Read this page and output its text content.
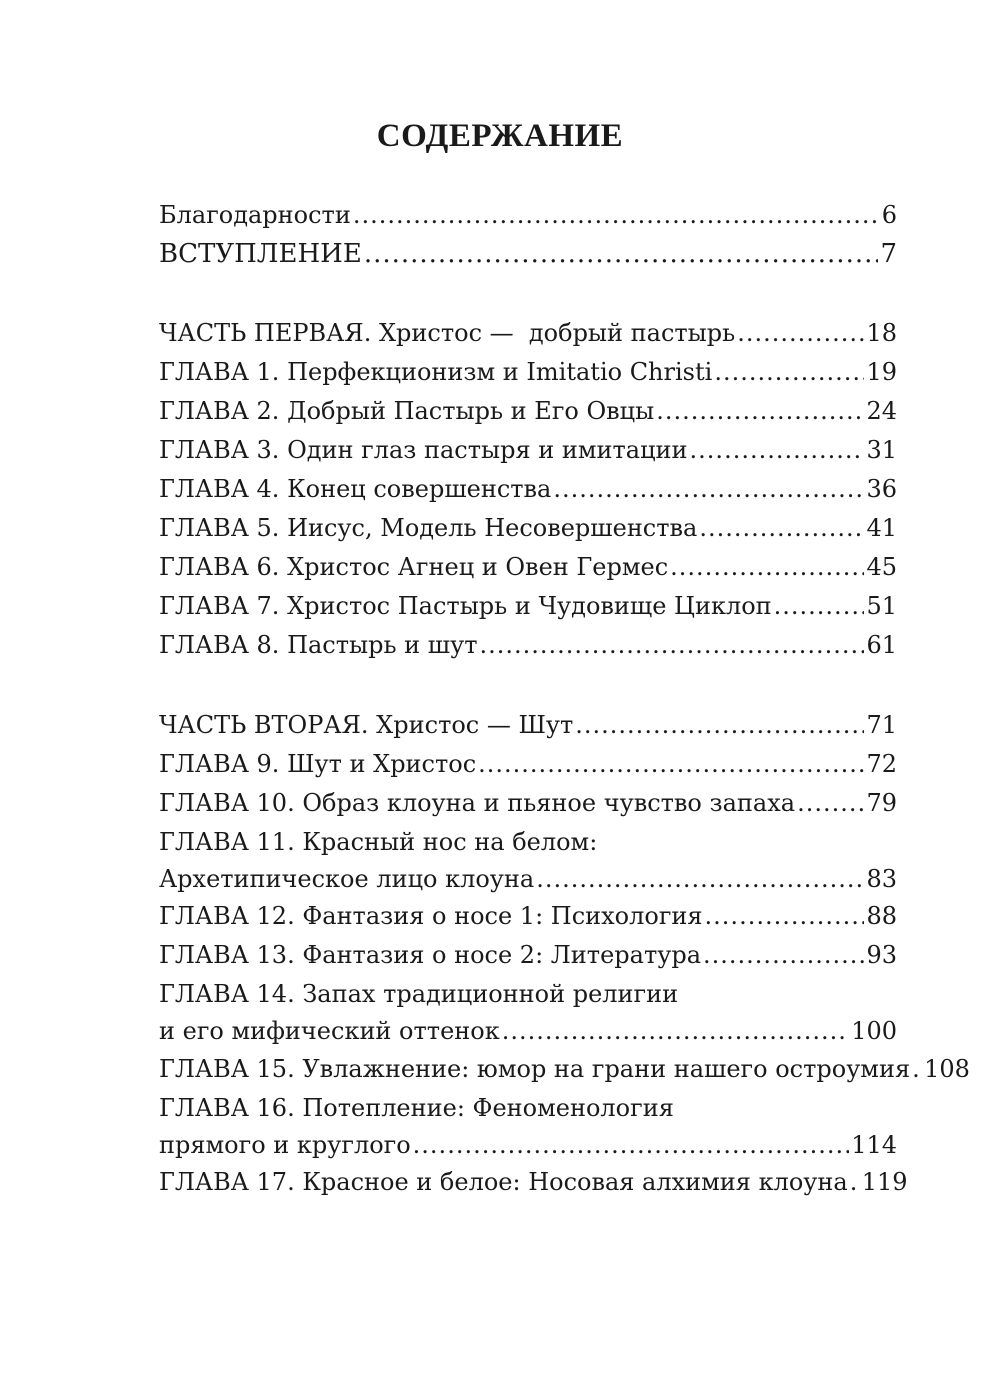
СОДЕРЖАНИЕ
Благодарности .....	6
ВСТУПЛЕНИЕ .....	7
ЧАСТЬ ПЕРВАЯ. Христос —  добрый пастырь .....	18
ГЛАВА 1. Перфекционизм и Imitatio Christi .....	19
ГЛАВА 2. Добрый Пастырь и Его Овцы .....	24
ГЛАВА 3. Один глаз пастыря и имитации .....	31
ГЛАВА 4. Конец совершенства .....	36
ГЛАВА 5. Иисус, Модель Несовершенства .....	41
ГЛАВА 6. Христос Агнец и Овен Гермес .....	45
ГЛАВА 7. Христос Пастырь и Чудовище Циклоп .....	51
ГЛАВА 8. Пастырь и шут .....	61
ЧАСТЬ ВТОРАЯ. Христос — Шут .....	71
ГЛАВА 9. Шут и Христос .....	72
ГЛАВА 10. Образ клоуна и пьяное чувство запаха .....	79
ГЛАВА 11. Красный нос на белом:
Архетипическое лицо клоуна .....	83
ГЛАВА 12. Фантазия о носе 1: Психология .....	88
ГЛАВА 13. Фантазия о носе 2: Литература .....	93
ГЛАВА 14. Запах традиционной религии
и его мифический оттенок .....	100
ГЛАВА 15. Увлажнение: юмор на грани нашего остроумия ..... 108
ГЛАВА 16. Потепление: Феноменология
прямого и круглого .....	114
ГЛАВА 17. Красное и белое: Носовая алхимия клоуна ..... 119
